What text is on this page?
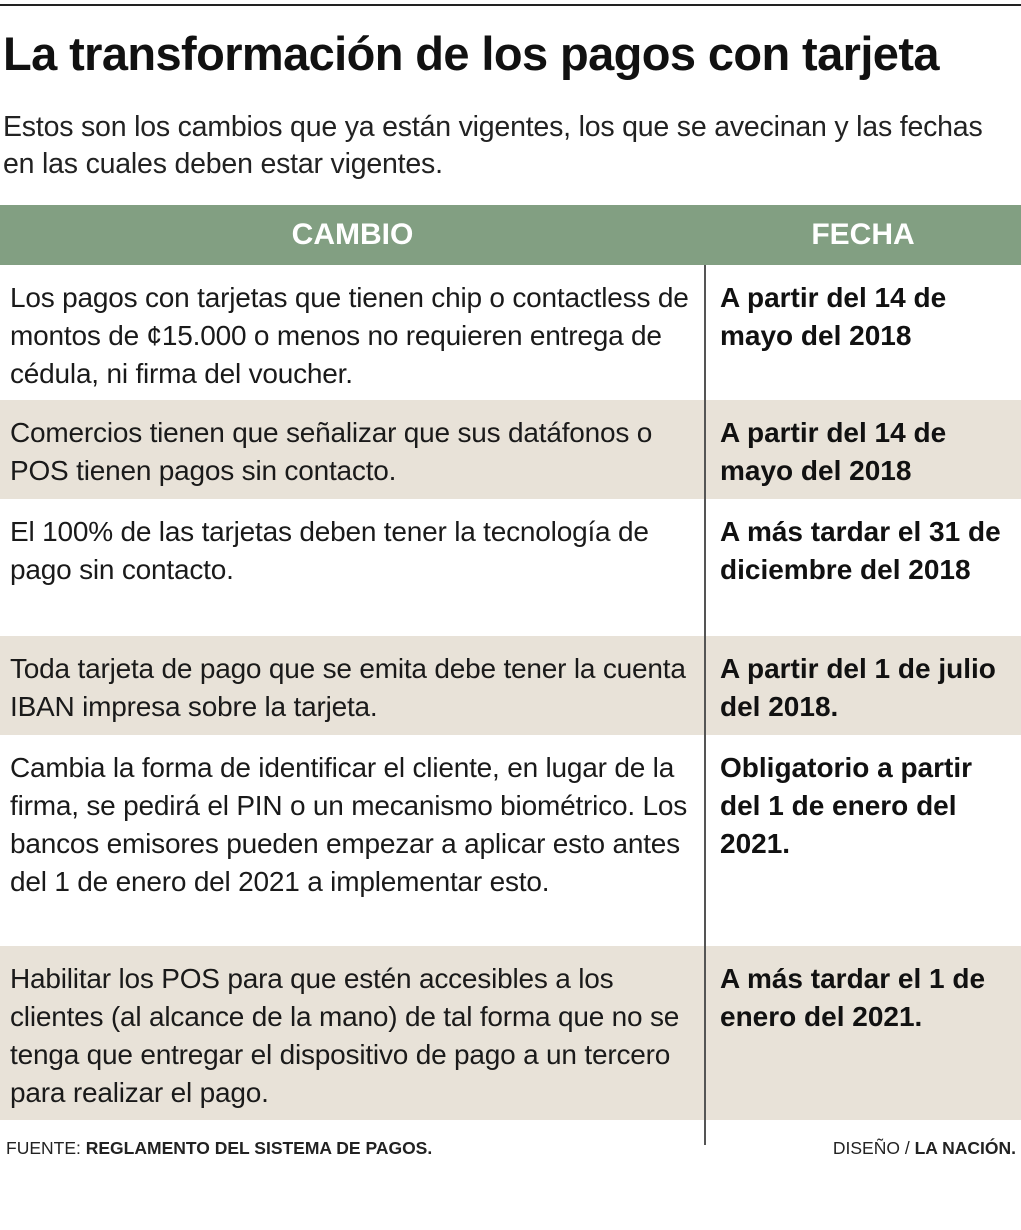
La transformación de los pagos con tarjeta

Estos son los cambios que ya están vigentes, los que se avecinan y las fechas en las cuales deben estar vigentes.

CAMBIO	FECHA
Los pagos con tarjetas que tienen chip o contactless de montos de ¢15.000 o menos no requieren entrega de cédula, ni firma del voucher.
A partir del 14 de mayo del 2018
Comercios tienen que señalizar que sus datáfonos o POS tienen pagos sin contacto.
A partir del 14 de mayo del 2018
El 100% de las tarjetas deben tener la tecnología de pago sin contacto.
A más tardar el 31 de diciembre del 2018
Toda tarjeta de pago que se emita debe tener la cuenta IBAN impresa sobre la tarjeta.
A partir del 1 de julio del 2018.
Cambia la forma de identificar el cliente, en lugar de la firma, se pedirá el PIN o un mecanismo biométrico. Los bancos emisores pueden empezar a aplicar esto antes del 1 de enero del 2021 a implementar esto.
Obligatorio a partir del 1 de enero del 2021.
Habilitar los POS para que estén accesibles a los clientes (al alcance de la mano) de tal forma que no se tenga que entregar el dispositivo de pago a un tercero para realizar el pago.
A más tardar el 1 de enero del 2021.
FUENTE: REGLAMENTO DEL SISTEMA DE PAGOS.	DISEÑO / LA NACIÓN.
